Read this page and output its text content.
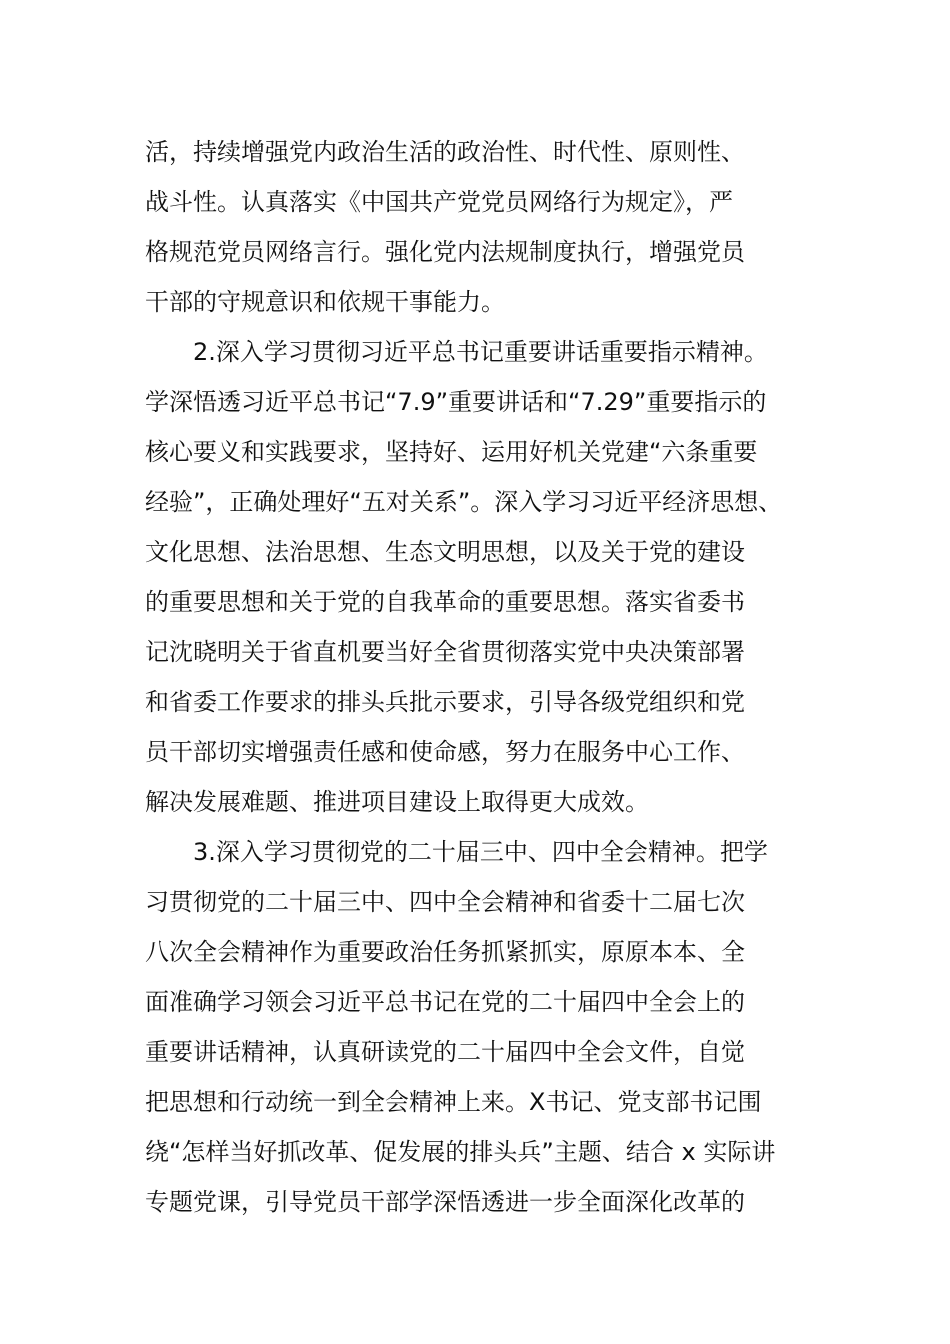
活，持续增强党内政治生活的政治性、时代性、原则性、
战斗性。认真落实《中国共产党党员网络行为规定》，严
格规范党员网络言行。强化党内法规制度执行，增强党员
干部的守规意识和依规干事能力。
2.深入学习贯彻习近平总书记重要讲话重要指示精神。
学深悟透习近平总书记“7.9”重要讲话和“7.29”重要指示的
核心要义和实践要求，坚持好、运用好机关党建“六条重要
经验”，正确处理好“五对关系”。深入学习习近平经济思想、
文化思想、法治思想、生态文明思想，以及关于党的建设
的重要思想和关于党的自我革命的重要思想。落实省委书
记沈晓明关于省直机要当好全省贯彻落实党中央决策部署
和省委工作要求的排头兵批示要求，引导各级党组织和党
员干部切实增强责任感和使命感，努力在服务中心工作、
解决发展难题、推进项目建设上取得更大成效。
3.深入学习贯彻党的二十届三中、四中全会精神。把学
习贯彻党的二十届三中、四中全会精神和省委十二届七次
八次全会精神作为重要政治任务抓紧抓实，原原本本、全
面准确学习领会习近平总书记在党的二十届四中全会上的
重要讲话精神，认真研读党的二十届四中全会文件，自觉
把思想和行动统一到全会精神上来。X书记、党支部书记围
绕“怎样当好抓改革、促发展的排头兵”主题、结合 x 实际讲
专题党课，引导党员干部学深悟透进一步全面深化改革的
